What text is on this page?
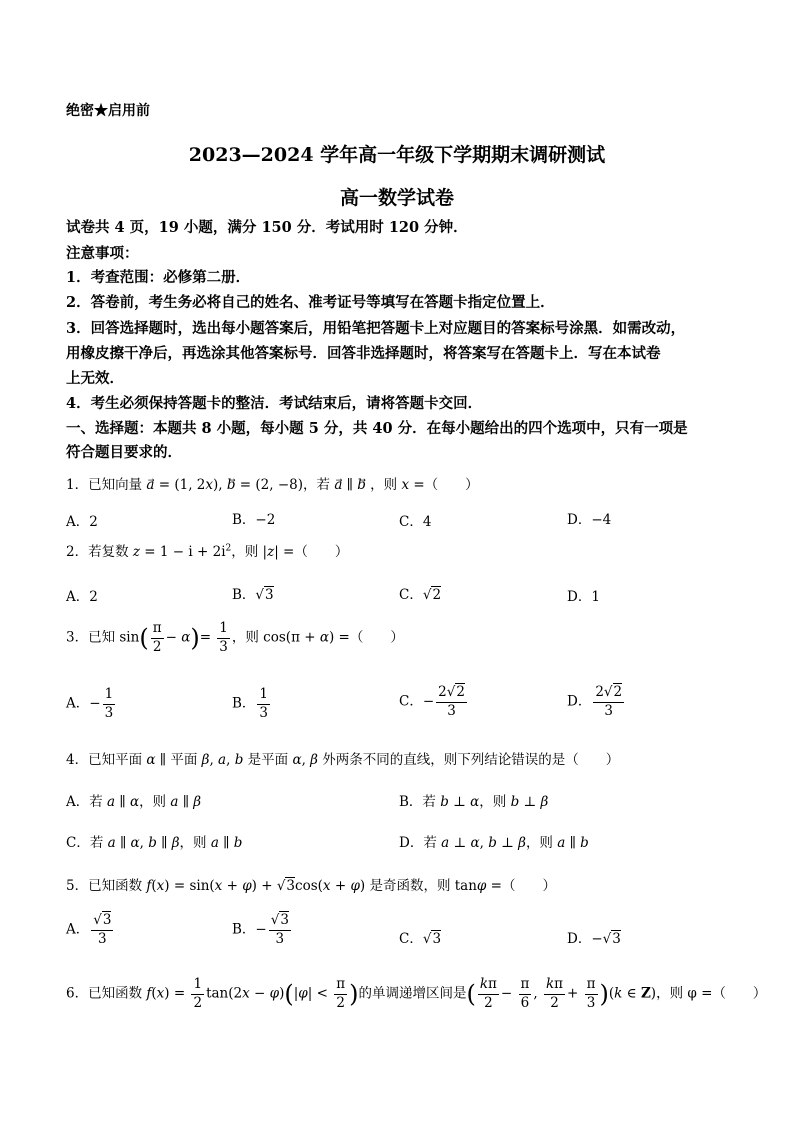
绝密★启用前
2023—2024 学年高一年级下学期期末调研测试
高一数学试卷
试卷共 4 页，19 小题，满分 150 分．考试用时 120 分钟．
注意事项：
1．考查范围：必修第二册．
2．答卷前，考生务必将自己的姓名、准考证号等填写在答题卡指定位置上．
3．回答选择题时，选出每小题答案后，用铅笔把答题卡上对应题目的答案标号涂黑．如需改动，
用橡皮擦干净后，再选涂其他答案标号．回答非选择题时，将答案写在答题卡上．写在本试卷
上无效．
4．考生必须保持答题卡的整洁．考试结束后，请将答题卡交回．
一、选择题：本题共 8 小题，每小题 5 分，共 40 分．在每小题给出的四个选项中，只有一项是
符合题目要求的．
1．已知向量 a⃗ = (1, 2x), b⃗ = (2, −8)，若 a⃗ ∥ b⃗ ，则 x =（　　）
A．2	B．−2	C．4	D．−4
2．若复数 $z = 1 - i + 2i^2$，则 |z| =（　　）
A．2	B．√3	C．√2	D．1
3．已知 $\sin( \frac{\pi}{2} - \alpha)= \frac{1}{3}$ ，则 cos(π + α) =（　　）
A．− $\frac{1}{3}$	B． $\frac{1}{3}$	C．− $\frac{2√2}{3}$	D． $\frac{2√2}{3}$
4．已知平面 α ∥ 平面 β, a, b 是平面 α, β 外两条不同的直线，则下列结论错误的是（　　）
A．若 a ∥ α，则 a ∥ β	B．若 b ⊥ α，则 b ⊥ β
C．若 a ∥ α, b ∥ β，则 a ∥ b	D．若 a ⊥ α, b ⊥ β，则 a ∥ b
5．已知函数 f(x) = sin(x + φ) + √3cos(x + φ) 是奇函数，则 tanφ =（　　）
A． $\frac{√3}{3}$	B．− $\frac{√3}{3}$	C．√3	D．−√3
6．已知函数 $f(x) = \frac{1}{2} \tan(2x - \varphi)(|\varphi| < \frac{\pi}{2}$ )的单调递增区间是( $\frac{k\pi}{2} - \frac{\pi}{6}$ , $\frac{k\pi}{2} + \frac{\pi}{3} )(k$ ∈ Z)，则 φ =（　　）
